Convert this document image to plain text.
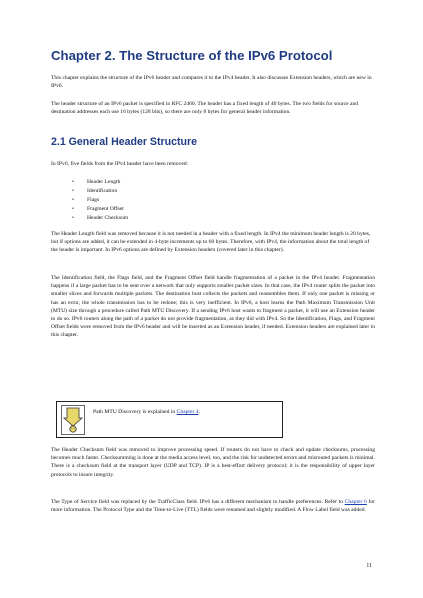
Chapter 2. The Structure of the IPv6 Protocol

This chapter explains the structure of the IPv6 header and compares it to the IPv4 header. It also discusses Extension headers, which are new in IPv6.

The header structure of an IPv6 packet is specified in RFC 2460. The header has a fixed length of 40 bytes. The two fields for source and destination addresses each use 16 bytes (128 bits), so there are only 8 bytes for general header information.

2.1 General Header Structure

In IPv6, five fields from the IPv4 header have been removed:

• Header Length
• Identification
• Flags
• Fragment Offset
• Header Checksum

The Header Length field was removed because it is not needed in a header with a fixed length. In IPv4 the minimum header length is 20 bytes, but if options are added, it can be extended in 4-byte increments up to 60 bytes. Therefore, with IPv4, the information about the total length of the header is important. In IPv6 options are defined by Extension headers (covered later in this chapter).

The Identification field, the Flags field, and the Fragment Offset field handle fragmentation of a packet in the IPv4 header. Fragmentation happens if a large packet has to be sent over a network that only supports smaller packet sizes. In that case, the IPv4 router splits the packet into smaller slices and forwards multiple packets. The destination host collects the packets and reassembles them. If only one packet is missing or has an error, the whole transmission has to be redone; this is very inefficient. In IPv6, a host learns the Path Maximum Transmission Unit (MTU) size through a procedure called Path MTU Discovery. If a sending IPv6 host wants to fragment a packet, it will use an Extension header to do so. IPv6 routers along the path of a packet do not provide fragmentation, as they did with IPv4. So the Identification, Flags, and Fragment Offset fields were removed from the IPv6 header and will be inserted as an Extension header, if needed. Extension headers are explained later in this chapter.

Path MTU Discovery is explained in Chapter 4.

The Header Checksum field was removed to improve processing speed. If routers do not have to check and update checksums, processing becomes much faster. Checksumming is done at the media access level, too, and the risk for undetected errors and misrouted packets is minimal. There is a checksum field at the transport layer (UDP and TCP). IP is a best-effort delivery protocol; it is the responsibility of upper layer protocols to insure integrity.

The Type of Service field was replaced by the TrafficClass field. IPv6 has a different mechanism to handle preferences. Refer to Chapter 6 for more information. The Protocol Type and the Time-to-Live (TTL) fields were renamed and slightly modified. A Flow Label field was added.

11
